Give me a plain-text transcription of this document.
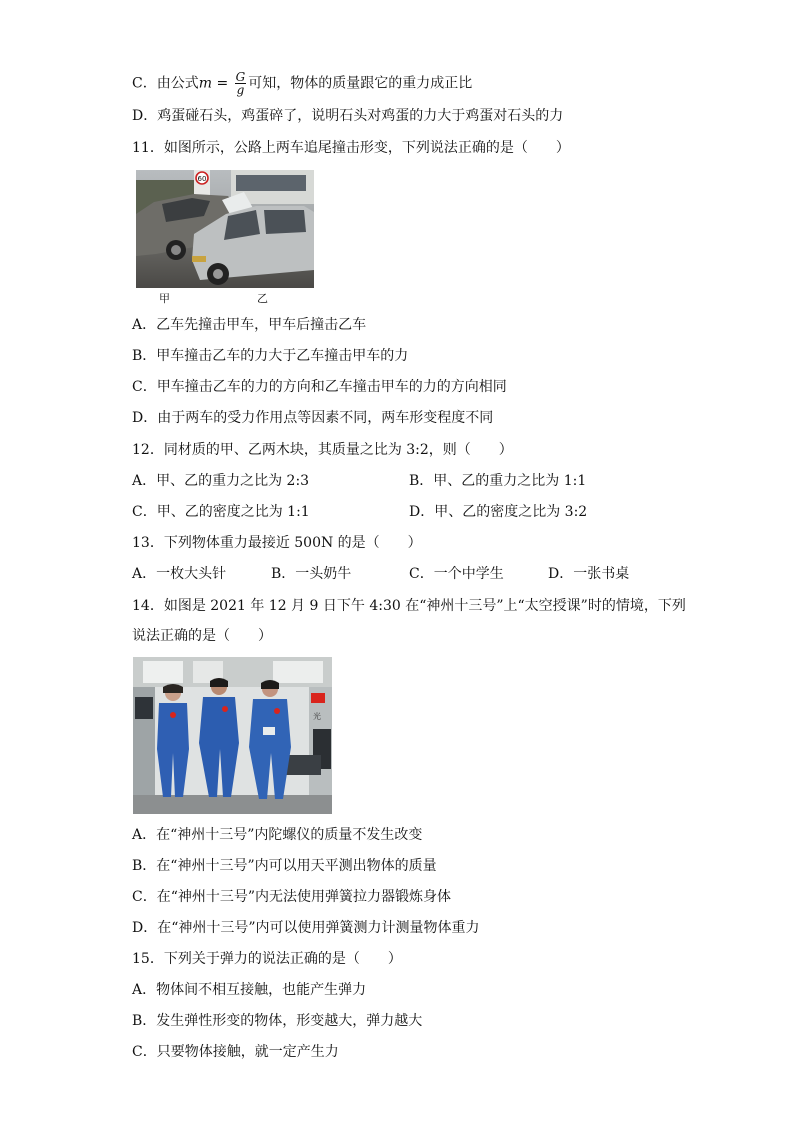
C．由公式$m = \frac{G}{g}$ 可知，物体的质量跟它的重力成正比
D．鸡蛋碰石头，鸡蛋碎了，说明石头对鸡蛋的力大于鸡蛋对石头的力
11．如图所示，公路上两车追尾撞击形变，下列说法正确的是（　　）
60
甲	乙
A．乙车先撞击甲车，甲车后撞击乙车
B．甲车撞击乙车的力大于乙车撞击甲车的力
C．甲车撞击乙车的力的方向和乙车撞击甲车的力的方向相同
D．由于两车的受力作用点等因素不同，两车形变程度不同
12．同材质的甲、乙两木块，其质量之比为 3:2，则（　　）
A．甲、乙的重力之比为 2:3	B．甲、乙的重力之比为 1:1
C．甲、乙的密度之比为 1:1	D．甲、乙的密度之比为 3:2
13．下列物体重力最接近 500N 的是（　　）
A．一枚大头针	B．一头奶牛	C．一个中学生	D．一张书桌
14．如图是 2021 年 12 月 9 日下午 4:30 在“神州十三号”上“太空授课”时的情境，下列
说法正确的是（　　）
光
A．在“神州十三号”内陀螺仪的质量不发生改变
B．在“神州十三号”内可以用天平测出物体的质量
C．在“神州十三号”内无法使用弹簧拉力器锻炼身体
D．在“神州十三号”内可以使用弹簧测力计测量物体重力
15．下列关于弹力的说法正确的是（　　）
A．物体间不相互接触，也能产生弹力
B．发生弹性形变的物体，形变越大，弹力越大
C．只要物体接触，就一定产生力
